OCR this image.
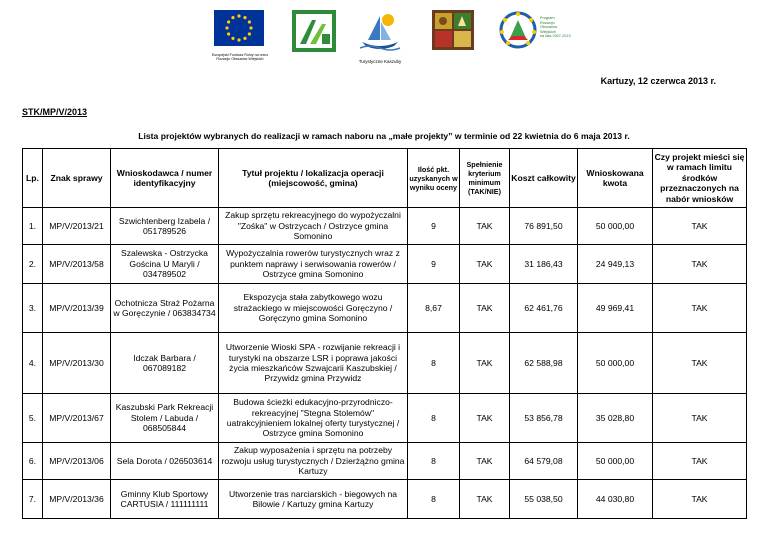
Europejski Fundusz Rolny na rzecz
Rozwoju Obszarów Wiejskich	Turystyczne Kaszuby
Program
Rozwoju
Obszarów
Wiejskich
na lata 2007-2013
Kartuzy, 12 czerwca 2013 r.
STK/MP/V/2013
Lista projektów wybranych do realizacji w ramach naboru na „małe projekty” w terminie od 22 kwietnia do 6 maja 2013 r.
Lp.	Znak sprawy	Wnioskodawca / numer identyfikacyjny	Tytuł projektu / lokalizacja operacji (miejscowość, gmina)	Ilość pkt. uzyskanych w wyniku oceny	Spełnienie kryterium minimum (TAK/NIE)	Koszt całkowity	Wnioskowana kwota	Czy projekt mieści się w ramach limitu środków przeznaczonych na nabór wniosków
1.	MP/V/2013/21	Szwichtenberg Izabela / 051789526	Zakup sprzętu rekreacyjnego do wypożyczalni "Zośka" w Ostrzycach / Ostrzyce gmina Somonino	9	TAK	76 891,50	50 000,00	TAK
2.	MP/V/2013/58	Szalewska - Ostrzycka Gościna U Maryli / 034789502	Wypożyczalnia rowerów turystycznych wraz z punktem naprawy i serwisowania rowerów / Ostrzyce gmina Somonino	9	TAK	31 186,43	24 949,13	TAK
3.	MP/V/2013/39	Ochotnicza Straż Pożarna w Goręczynie / 063834734	Ekspozycja stała zabytkowego wozu strażackiego w miejscowości Goręczyno / Goręczyno gmina Somonino	8,67	TAK	62 461,76	49 969,41	TAK
4.	MP/V/2013/30	Idczak Barbara / 067089182	Utworzenie Wioski SPA - rozwijanie rekreacji i turystyki na obszarze LSR i poprawa jakości życia mieszkańców Szwajcarii Kaszubskiej / Przywidz gmina Przywidz	8	TAK	62 588,98	50 000,00	TAK
5.	MP/V/2013/67	Kaszubski Park Rekreacji Stolem / Labuda / 068505844	Budowa ścieżki edukacyjno-przyrodniczo-rekreacyjnej "Stegna Stolemów" uatrakcyjnieniem lokalnej oferty turystycznej / Ostrzyce gmina Somonino	8	TAK	53 856,78	35 028,80	TAK
6.	MP/V/2013/06	Sela Dorota / 026503614	Zakup wyposażenia i sprzętu na potrzeby rozwoju usług turystycznych / Dzierżążno gmina Kartuzy	8	TAK	64 579,08	50 000,00	TAK
7.	MP/V/2013/36	Gminny Klub Sportowy CARTUSIA / 111111111	Utworzenie tras narciarskich - biegowych na Bilowie / Kartuzy gmina Kartuzy	8	TAK	55 038,50	44 030,80	TAK
